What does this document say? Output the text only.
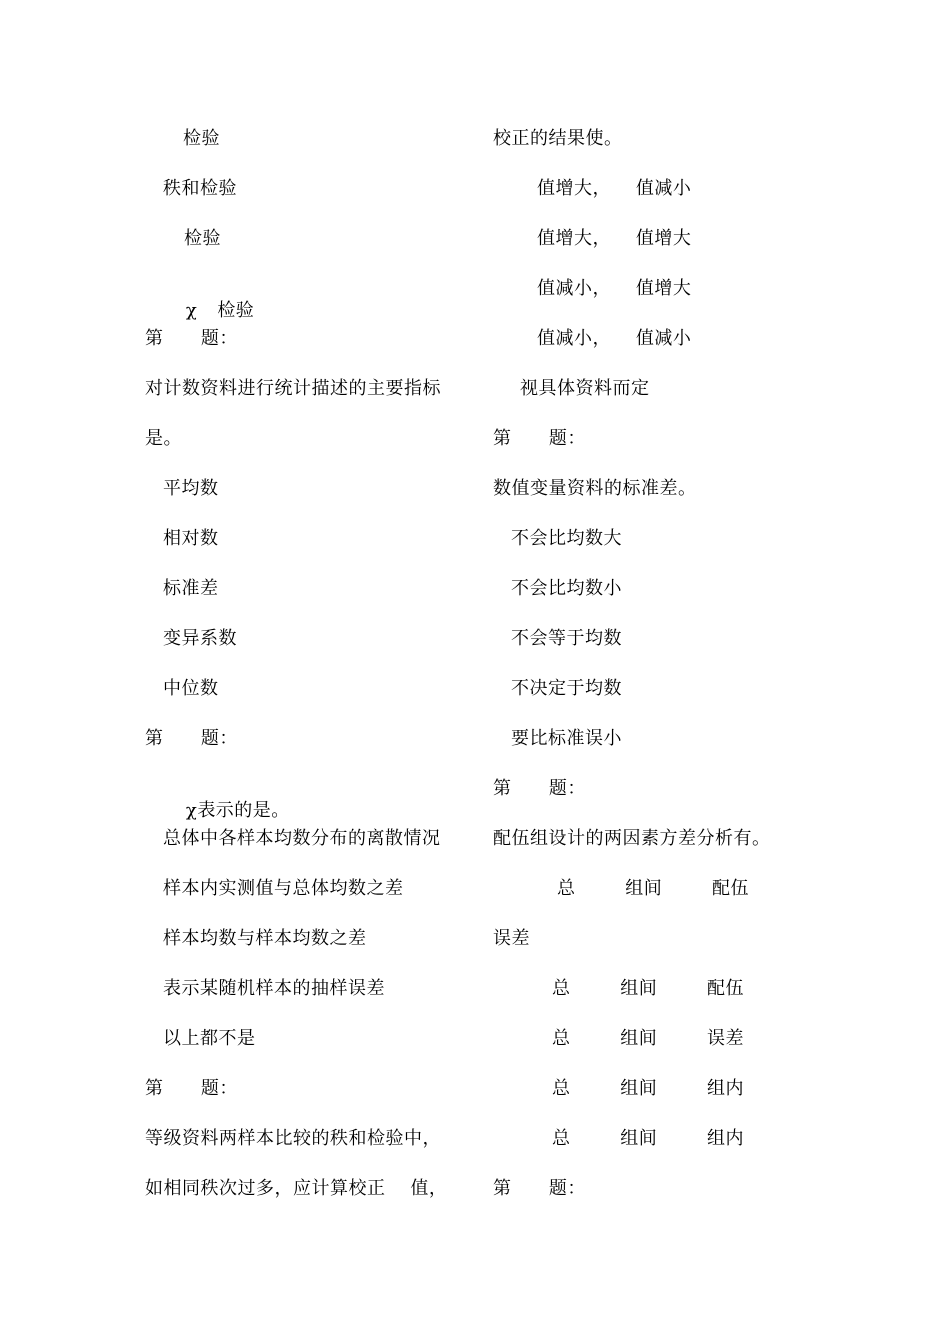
检验
秩和检验
检验

χ 检验

第      题：
对计数资料进行统计描述的主要指标
是。
平均数
相对数
标准差
变异系数
中位数
第      题：

χ表示的是。

总体中各样本均数分布的离散情况
样本内实测值与总体均数之差
样本均数与样本均数之差
表示某随机样本的抽样误差
以上都不是
第      题：
等级资料两样本比较的秩和检验中，
如相同秩次过多，应计算校正    值，
校正的结果使。
值增大，    值减小
值增大，    值增大
值减小，    值增大
值减小，    值减小
视具体资料而定
第      题：
数值变量资料的标准差。
不会比均数大
不会比均数小
不会等于均数
不决定于均数
要比标准误小
第      题：
配伍组设计的两因素方差分析有。
总        组间        配伍
误差
总        组间        配伍
总        组间        误差
总        组间        组内
总        组间        组内
第      题：
